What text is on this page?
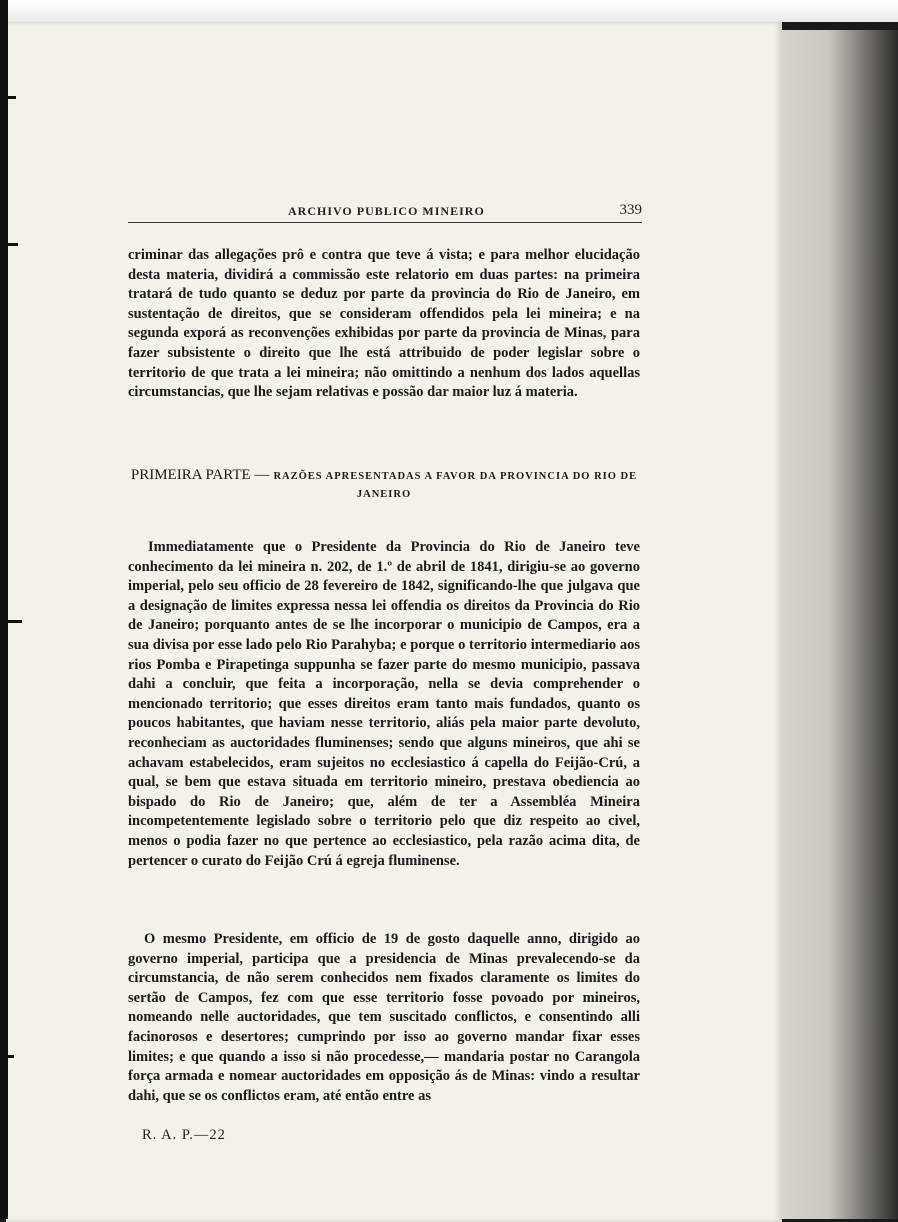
ARCHIVO PUBLICO MINEIRO	339
criminar das allegações prô e contra que teve á vista; e para melhor elucidação desta materia, dividirá a commissão este relatorio em duas partes: na primeira tratará de tudo quanto se deduz por parte da provincia do Rio de Janeiro, em sustentação de direitos, que se consideram offendidos pela lei mineira; e na segunda exporá as reconvenções exhibidas por parte da provincia de Minas, para fazer subsistente o direito que lhe está attribuido de poder legislar sobre o territorio de que trata a lei mineira; não omittindo a nenhum dos lados aquellas circumstancias, que lhe sejam relativas e possão dar maior luz á materia.
PRIMEIRA PARTE — RAZÕES APRESENTADAS A FAVOR DA PROVINCIA DO RIO DE JANEIRO
Immediatamente que o Presidente da Provincia do Rio de Janeiro teve conhecimento da lei mineira n. 202, de 1.º de abril de 1841, dirigiu-se ao governo imperial, pelo seu officio de 28 fevereiro de 1842, significando-lhe que julgava que a designação de limites expressa nessa lei offendia os direitos da Provincia do Rio de Janeiro; porquanto antes de se lhe incorporar o municipio de Campos, era a sua divisa por esse lado pelo Rio Parahyba; e porque o territorio intermediario aos rios Pomba e Pirapetinga suppunha se fazer parte do mesmo municipio, passava dahi a concluir, que feita a incorporação, nella se devia comprehender o mencionado territorio; que esses direitos eram tanto mais fundados, quanto os poucos habitantes, que haviam nesse territorio, aliás pela maior parte devoluto, reconheciam as auctoridades fluminenses; sendo que alguns mineiros, que ahi se achavam estabelecidos, eram sujeitos no ecclesiastico á capella do Feijão-Crú, a qual, se bem que estava situada em territorio mineiro, prestava obediencia ao bispado do Rio de Janeiro; que, além de ter a Assembléa Mineira incompetentemente legislado sobre o territorio pelo que diz respeito ao civel, menos o podia fazer no que pertence ao ecclesiastico, pela razão acima dita, de pertencer o curato do Feijão Crú á egreja fluminense.
O mesmo Presidente, em officio de 19 de gosto daquelle anno, dirigido ao governo imperial, participa que a presidencia de Minas prevalecendo-se da circumstancia, de não serem conhecidos nem fixados claramente os limites do sertão de Campos, fez com que esse territorio fosse povoado por mineiros, nomeando nelle auctoridades, que tem suscitado conflictos, e consentindo alli facinorosos e desertores; cumprindo por isso ao governo mandar fixar esses limites; e que quando a isso si não procedesse,— mandaria postar no Carangola força armada e nomear auctoridades em opposição ás de Minas: vindo a resultar dahi, que se os conflictos eram, até então entre as
R. A. P.—22
